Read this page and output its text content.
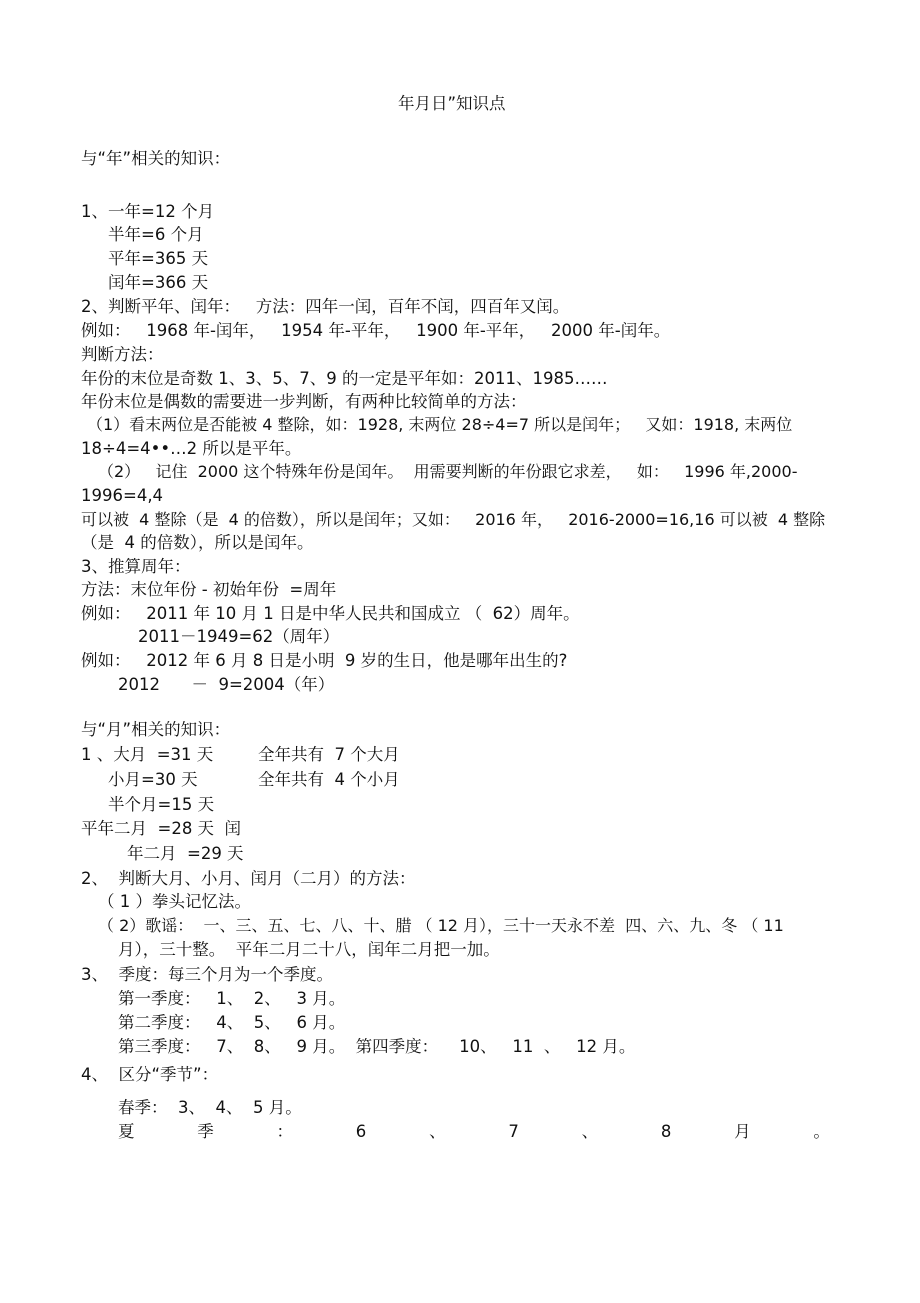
年月日”知识点
与“年”相关的知识：
1、一年=12 个月
半年=6 个月
平年=365 天
闰年=366 天
2、判断平年、闰年：   方法：四年一闰，百年不闰，四百年又闰。
例如：   1968 年-闰年，   1954 年-平年，   1900 年-平年，   2000 年-闰年。
判断方法：
年份的末位是奇数 1、3、5、7、9 的一定是平年如：2011、1985……
年份末位是偶数的需要进一步判断，有两种比较简单的方法：
（1）看末两位是否能被 4 整除，如：1928, 末两位 28÷4=7 所以是闰年；   又如：1918, 末两位
18÷4=4••…2 所以是平年。
（2）   记住  2000 这个特殊年份是闰年。  用需要判断的年份跟它求差，   如：   1996 年,2000-
1996=4,4
可以被  4 整除（是  4 的倍数），所以是闰年；又如：   2016 年，   2016-2000=16,16 可以被  4 整除
（是  4 的倍数），所以是闰年。
3、推算周年：
方法：末位年份 - 初始年份  =周年
例如：   2011 年 10 月 1 日是中华人民共和国成立 （  62）周年。
2011－1949=62（周年）
例如：   2012 年 6 月 8 日是小明  9 岁的生日，他是哪年出生的?
2012      －  9=2004（年）
与“月”相关的知识：
1 、大月  =31 天	全年共有  7 个大月
小月=30 天	全年共有  4 个小月
半个月=15 天
平年二月  =28 天  闰
年二月  =29 天
2、  判断大月、小月、闰月（二月）的方法：
（ 1 ）拳头记忆法。
（ 2）歌谣：  一、三、五、七、八、十、腊 （ 12 月），三十一天永不差  四、六、九、冬 （ 11
月），三十整。  平年二月二十八，闰年二月把一加。
3、  季度：每三个月为一个季度。
第一季度：   1、  2、   3 月。
第二季度：   4、  5、   6 月。
第三季度：   7、  8、   9 月。  第四季度：    10、   11  、   12 月。
4、  区分“季节”：
春季：  3、  4、  5 月。
夏	季	：	6	、	7	、	8	月	。
